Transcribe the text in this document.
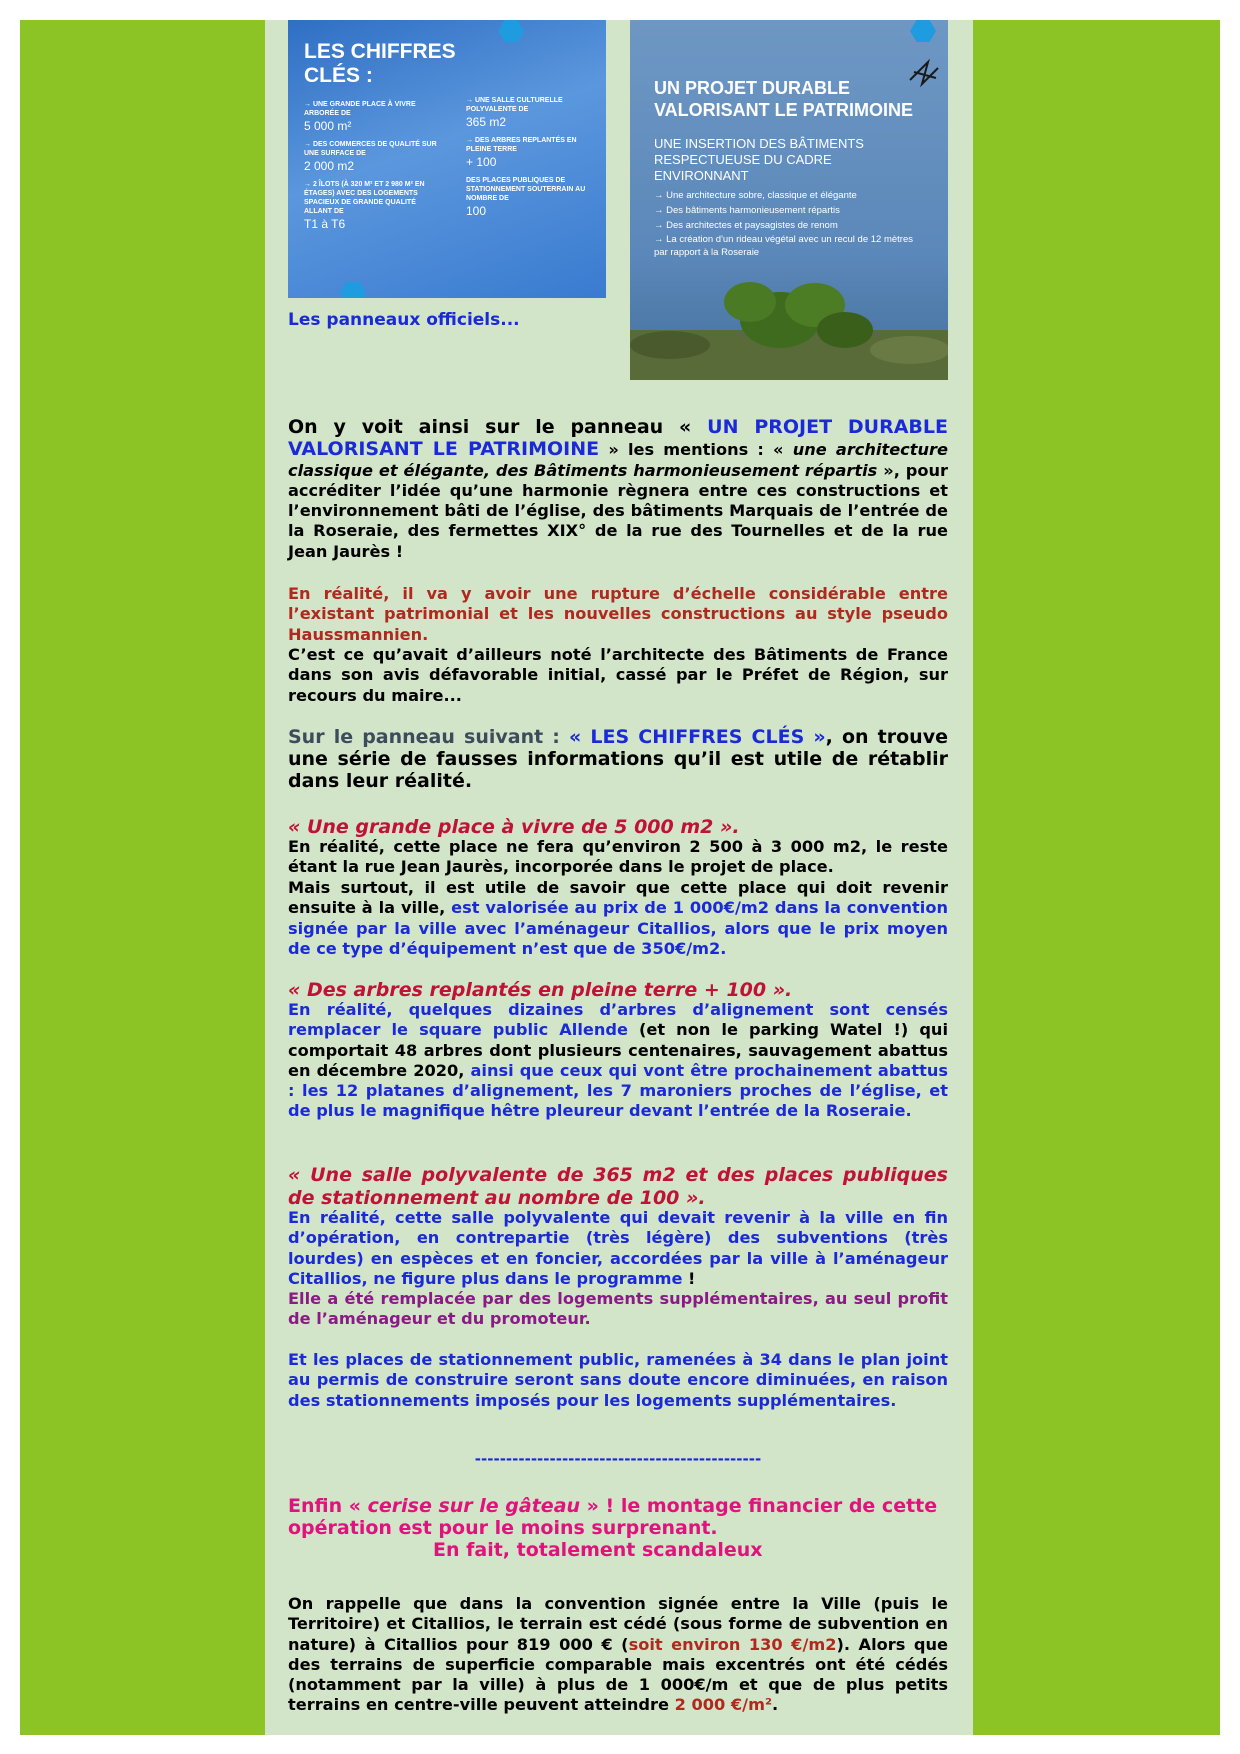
LES CHIFFRES
CLÉS :
→ UNE GRANDE PLACE À VIVRE ARBORÉE DE
5 000 m²
→ DES COMMERCES DE QUALITÉ SUR UNE SURFACE DE
2 000 m2
→ 2 ÎLOTS (À 320 M² ET 2 980 M² EN ÉTAGES) AVEC DES LOGEMENTS SPACIEUX DE GRANDE QUALITÉ ALLANT DE
T1 à T6
→ UNE SALLE CULTURELLE POLYVALENTE DE
365 m2
→ DES ARBRES REPLANTÉS EN PLEINE TERRE
+ 100
DES PLACES PUBLIQUES DE STATIONNEMENT SOUTERRAIN AU NOMBRE DE
100
UN PROJET DURABLE
VALORISANT LE PATRIMOINE
UNE INSERTION DES BÂTIMENTS
RESPECTUEUSE DU CADRE
ENVIRONNANT
→ Une architecture sobre, classique et élégante
→ Des bâtiments harmonieusement répartis
→ Des architectes et paysagistes de renom
→ La création d'un rideau végétal avec un recul de 12 mètres par rapport à la Roseraie
Les panneaux officiels...

On y voit ainsi sur le panneau « UN PROJET DURABLE VALORISANT LE PATRIMOINE » les mentions : « une architecture classique et élégante, des Bâtiments harmonieusement répartis », pour accréditer l’idée qu’une harmonie règnera entre ces constructions et l’environnement bâti de l’église, des bâtiments Marquais de l’entrée de la Roseraie, des fermettes XIX° de la rue des Tournelles et de la rue Jean Jaurès !

En réalité, il va y avoir une rupture d’échelle considérable entre l’existant patrimonial et les nouvelles constructions au style pseudo Haussmannien.

C’est ce qu’avait d’ailleurs noté l’architecte des Bâtiments de France dans son avis défavorable initial, cassé par le Préfet de Région, sur recours du maire...

Sur le panneau suivant : « LES CHIFFRES CLÉS », on trouve une série de fausses informations qu’il est utile de rétablir dans leur réalité.

« Une grande place à vivre de 5 000 m2 ».

En réalité, cette place ne fera qu’environ 2 500 à 3 000 m2, le reste étant la rue Jean Jaurès, incorporée dans le projet de place.

Mais surtout, il est utile de savoir que cette place qui doit revenir ensuite à la ville, est valorisée au prix de 1 000€/m2 dans la convention signée par la ville avec l’aménageur Citallios, alors que le prix moyen de ce type d’équipement n’est que de 350€/m2.

« Des arbres replantés en pleine terre + 100 ».

En réalité, quelques dizaines d’arbres d’alignement sont censés remplacer le square public Allende (et non le parking Watel !) qui comportait 48 arbres dont plusieurs centenaires, sauvagement abattus en décembre 2020, ainsi que ceux qui vont être prochainement abattus : les 12 platanes d’alignement, les 7 maroniers proches de l’église, et de plus le magnifique hêtre pleureur devant l’entrée de la Roseraie.

« Une salle polyvalente de 365 m2 et des places publiques de stationnement au nombre de 100 ».

En réalité, cette salle polyvalente qui devait revenir à la ville en fin d’opération, en contrepartie (très légère) des subventions (très lourdes) en espèces et en foncier, accordées par la ville à l’aménageur Citallios, ne figure plus dans le programme !

Elle a été remplacée par des logements supplémentaires, au seul profit de l’aménageur et du promoteur.

Et les places de stationnement public, ramenées à 34 dans le plan joint au permis de construire seront sans doute encore diminuées, en raison des stationnements imposés pour les logements supplémentaires.

----------------------------------------------

Enfin « cerise sur le gâteau » ! le montage financier de cette opération est pour le moins surprenant.

En fait, totalement scandaleux

On rappelle que dans la convention signée entre la Ville (puis le Territoire) et Citallios, le terrain est cédé (sous forme de subvention en nature) à Citallios pour 819 000 € (soit environ 130 €/m2). Alors que des terrains de superficie comparable mais excentrés ont été cédés (notamment par la ville) à plus de 1 000€/m et que de plus petits terrains en centre-ville peuvent atteindre 2 000 €/m².
